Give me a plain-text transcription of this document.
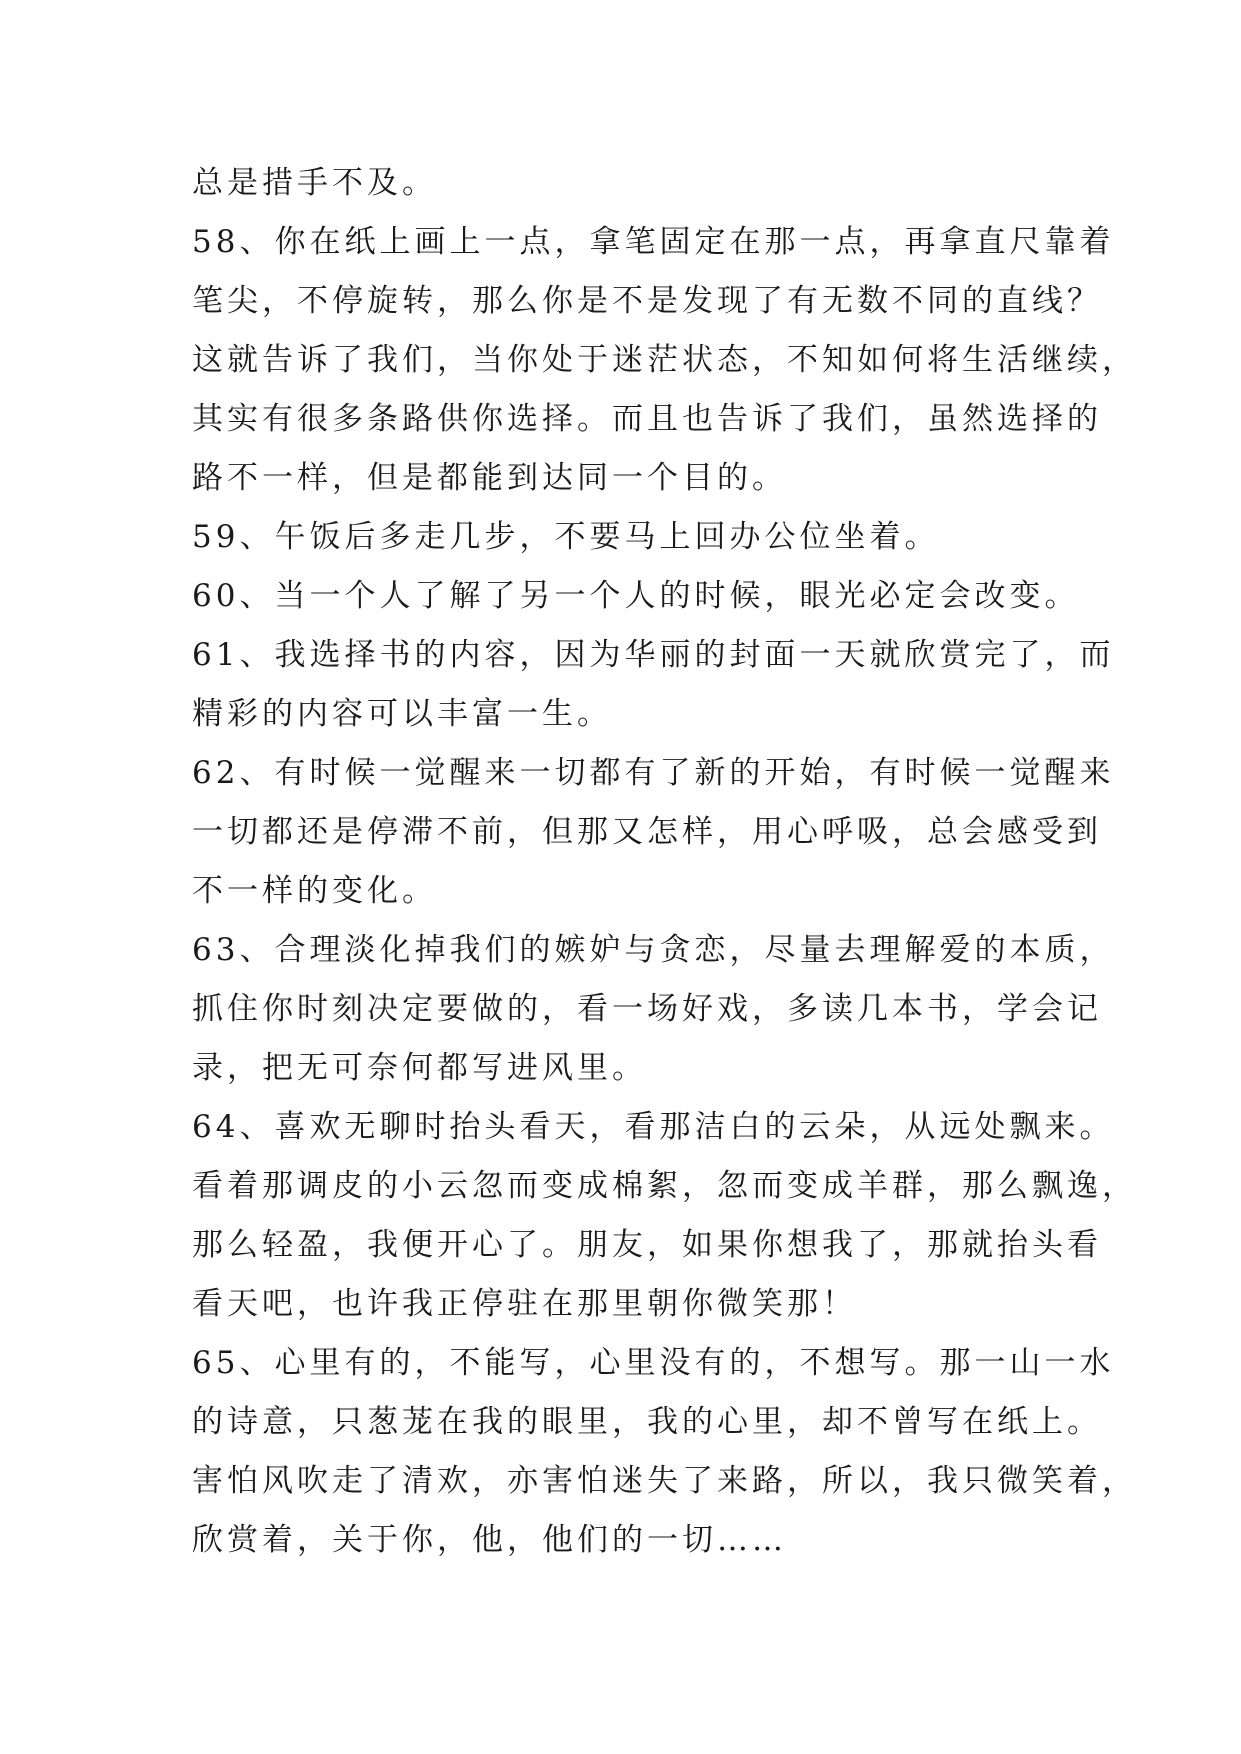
总是措手不及。
58、你在纸上画上一点，拿笔固定在那一点，再拿直尺靠着
笔尖，不停旋转，那么你是不是发现了有无数不同的直线？
这就告诉了我们，当你处于迷茫状态，不知如何将生活继续，
其实有很多条路供你选择。而且也告诉了我们，虽然选择的
路不一样，但是都能到达同一个目的。
59、午饭后多走几步，不要马上回办公位坐着。
60、当一个人了解了另一个人的时候，眼光必定会改变。
61、我选择书的内容，因为华丽的封面一天就欣赏完了，而
精彩的内容可以丰富一生。
62、有时候一觉醒来一切都有了新的开始，有时候一觉醒来
一切都还是停滞不前，但那又怎样，用心呼吸，总会感受到
不一样的变化。
63、合理淡化掉我们的嫉妒与贪恋，尽量去理解爱的本质，
抓住你时刻决定要做的，看一场好戏，多读几本书，学会记
录，把无可奈何都写进风里。
64、喜欢无聊时抬头看天，看那洁白的云朵，从远处飘来。
看着那调皮的小云忽而变成棉絮，忽而变成羊群，那么飘逸，
那么轻盈，我便开心了。朋友，如果你想我了，那就抬头看
看天吧，也许我正停驻在那里朝你微笑那！
65、心里有的，不能写，心里没有的，不想写。那一山一水
的诗意，只葱茏在我的眼里，我的心里，却不曾写在纸上。
害怕风吹走了清欢，亦害怕迷失了来路，所以，我只微笑着，
欣赏着，关于你，他，他们的一切……
